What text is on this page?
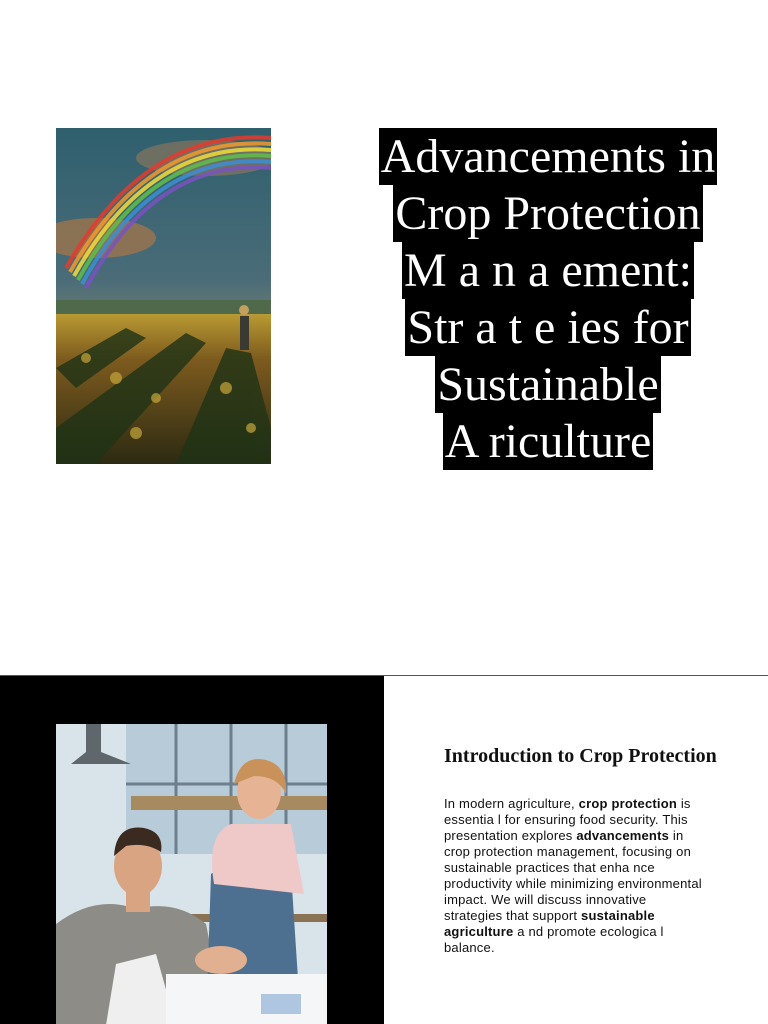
Advancements in
Crop Protection
M a n a ement:
Str a t e ies for
Sustainable
A riculture
Introduction to Crop Protection
In modern agriculture, crop protection is essentia l for ensuring food security. This presentation explores advancements in crop protection management, focusing on sustainable practices that enha nce productivity while minimizing environmental impact. We will discuss innovative strategies that support sustainable agriculture a nd promote ecologica l balance.
